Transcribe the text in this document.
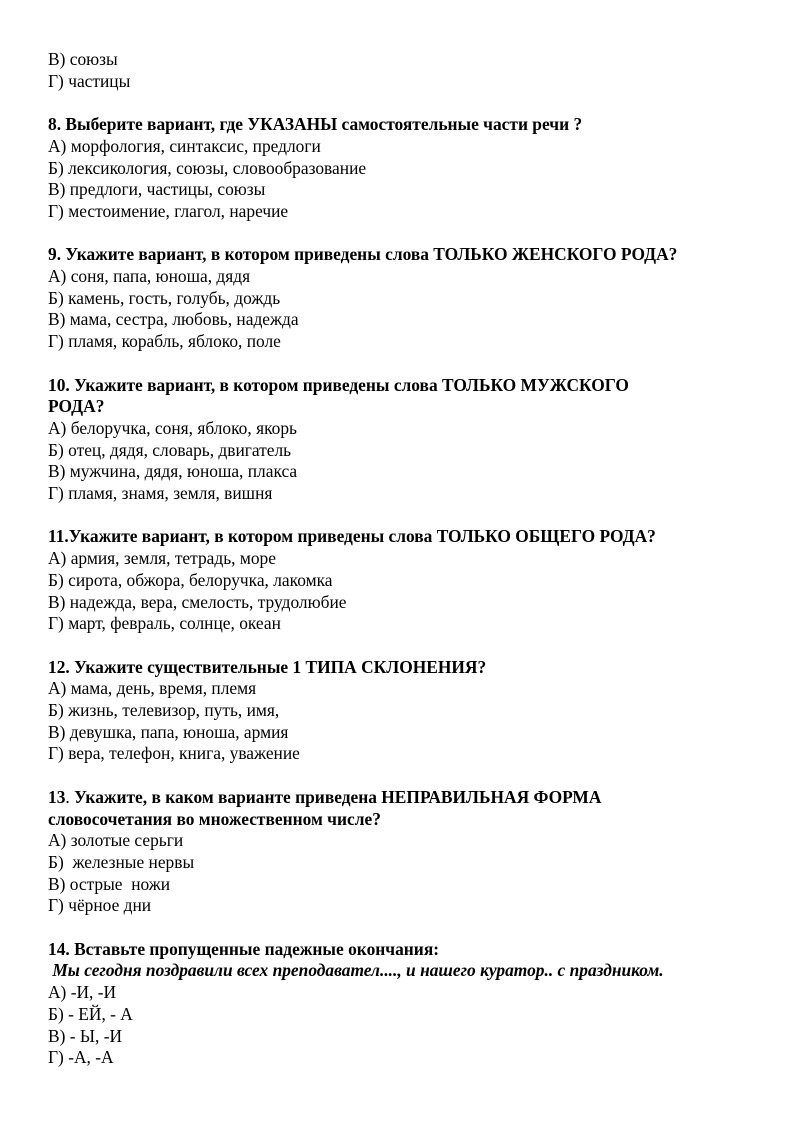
В) союзы

Г) частицы

8. Выберите вариант, где УКАЗАНЫ самостоятельные части речи ?

А) морфология, синтаксис, предлоги

Б) лексикология, союзы, словообразование

В) предлоги, частицы, союзы

Г) местоимение, глагол, наречие

9. Укажите вариант, в котором приведены слова ТОЛЬКО ЖЕНСКОГО РОДА?

А) соня, папа, юноша, дядя

Б) камень, гость, голубь, дождь

В) мама, сестра, любовь, надежда

Г) пламя, корабль, яблоко, поле

10. Укажите вариант, в котором приведены слова ТОЛЬКО МУЖСКОГО

РОДА?

А) белоручка, соня, яблоко, якорь

Б) отец, дядя, словарь, двигатель

В) мужчина, дядя, юноша, плакса

Г) пламя, знамя, земля, вишня

11.Укажите вариант, в котором приведены слова ТОЛЬКО ОБЩЕГО РОДА?

А) армия, земля, тетрадь, море

Б) сирота, обжора, белоручка, лакомка

В) надежда, вера, смелость, трудолюбие

Г) март, февраль, солнце, океан

12. Укажите существительные 1 ТИПА СКЛОНЕНИЯ?

А) мама, день, время, племя

Б) жизнь, телевизор, путь, имя,

В) девушка, папа, юноша, армия

Г) вера, телефон, книга, уважение

13. Укажите, в каком варианте приведена НЕПРАВИЛЬНАЯ ФОРМА

словосочетания во множественном числе?

А) золотые серьги

Б)  железные нервы

В) острые  ножи

Г) чёрное дни

14. Вставьте пропущенные падежные окончания:

Мы сегодня поздравили всех преподавател...., и нашего куратор.. с праздником.

А) -И, -И

Б) - ЕЙ, - А

В) - Ы, -И

Г) -А, -А
